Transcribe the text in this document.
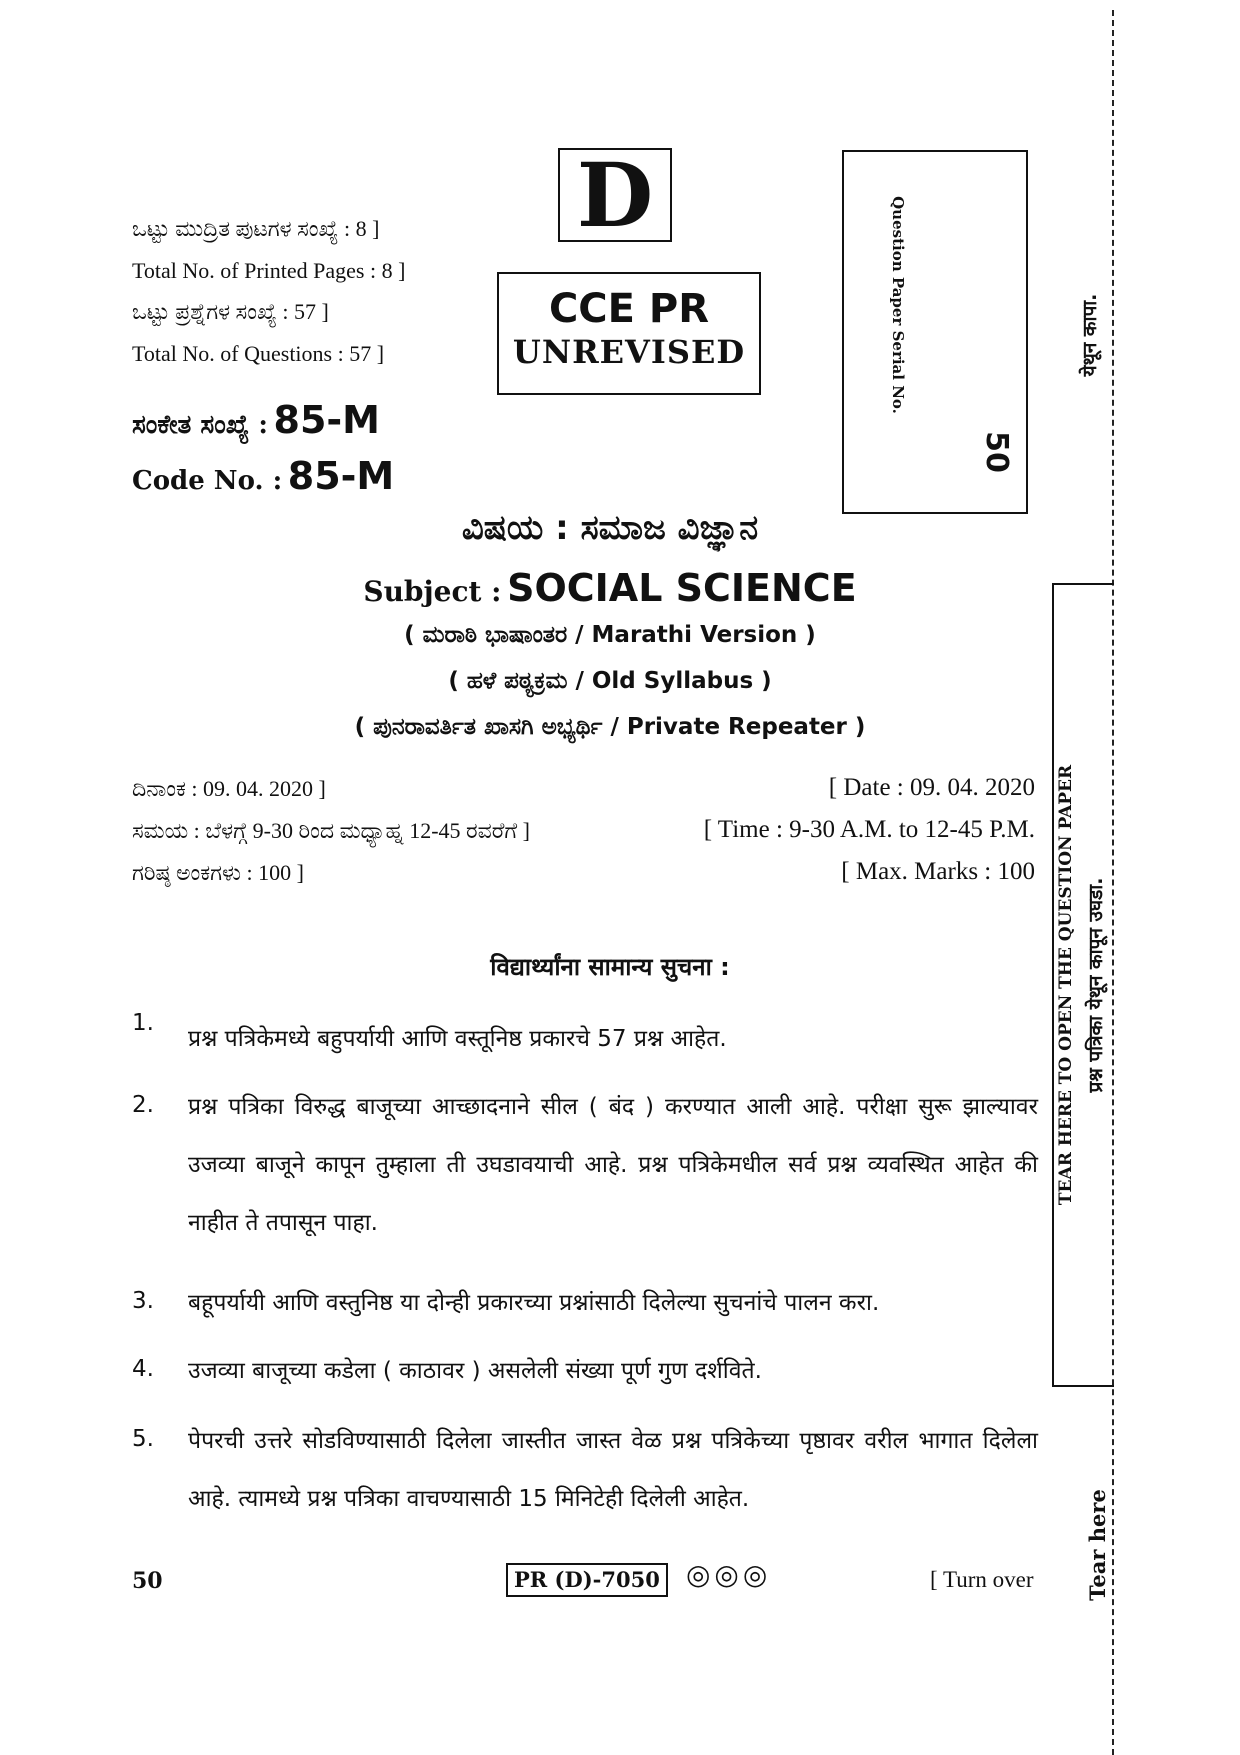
ಒಟ್ಟು ಮುದ್ರಿತ ಪುಟಗಳ ಸಂಖ್ಯೆ : 8 ]
Total No. of Printed Pages : 8 ]
ಒಟ್ಟು ಪ್ರಶ್ನೆಗಳ ಸಂಖ್ಯೆ : 57 ]
Total No. of Questions : 57 ]
ಸಂಕೇತ ಸಂಖ್ಯೆ : 85-M
Code No. : 85-M
D
CCE PR
UNREVISED	Question Paper Serial No.
50
ವಿಷಯ : ಸಮಾಜ ವಿಜ್ಞಾನ
Subject : SOCIAL SCIENCE
( ಮರಾಠಿ ಭಾಷಾಂತರ / Marathi Version )
( ಹಳೆ ಪಠ್ಯಕ್ರಮ / Old Syllabus )
( ಪುನರಾವರ್ತಿತ ಖಾಸಗಿ ಅಭ್ಯರ್ಥಿ / Private Repeater )
ದಿನಾಂಕ : 09. 04. 2020 ]	[ Date : 09. 04. 2020
ಸಮಯ : ಬೆಳಗ್ಗೆ 9-30 ರಿಂದ ಮಧ್ಯಾಹ್ನ 12-45 ರವರೆಗೆ ]	[ Time : 9-30 A.M. to 12-45 P.M.
ಗರಿಷ್ಠ ಅಂಕಗಳು : 100 ]	[ Max. Marks : 100
विद्यार्थ्यांना सामान्य सुचना :
1.
प्रश्न पत्रिकेमध्ये बहुपर्यायी आणि वस्तूनिष्ठ प्रकारचे 57 प्रश्न आहेत.
2.	प्रश्न पत्रिका विरुद्ध बाजूच्या आच्छादनाने सील ( बंद ) करण्यात आली आहे. परीक्षा सुरू झाल्यावर उजव्या बाजूने कापून तुम्हाला ती उघडावयाची आहे. प्रश्न पत्रिकेमधील सर्व प्रश्न व्यवस्थित आहेत की नाहीत ते तपासून पाहा.
3.	बहूपर्यायी आणि वस्तुनिष्ठ या दोन्ही प्रकारच्या प्रश्नांसाठी दिलेल्या सुचनांचे पालन करा.
4.	उजव्या बाजूच्या कडेला ( काठावर ) असलेली संख्या पूर्ण गुण दर्शविते.
5.	पेपरची उत्तरे सोडविण्यासाठी दिलेला जास्तीत जास्त वेळ प्रश्न पत्रिकेच्या पृष्ठावर वरील भागात दिलेला आहे. त्यामध्ये प्रश्न पत्रिका वाचण्यासाठी 15 मिनिटेही दिलेली आहेत.
50	PR (D)-7050 ◎◎◎	[ Turn over
येथून कापा.
TEAR HERE TO OPEN THE QUESTION PAPER प्रश्न पत्रिका येथून कापून उघडा.
Tear here
